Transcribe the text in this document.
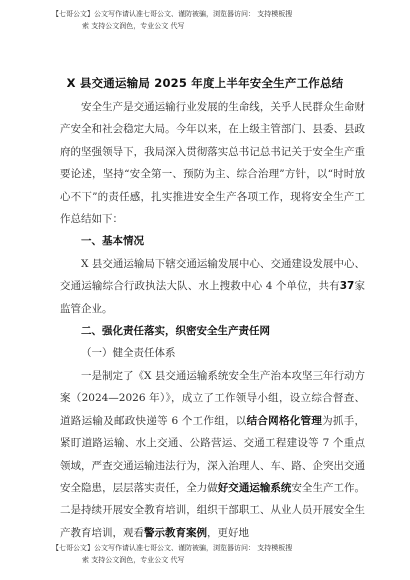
【七哥公文】公文写作请认准七哥公文、谨防被骗，浏览器访问： 支持模板搜
索 支持公文润色，专业公文 代写
X 县交通运输局 2025 年度上半年安全生产工作总结

安全生产是交通运输行业发展的生命线，关乎人民群众生命财产安全和社会稳定大局。今年以来，在上级主管部门、县委、县政府的坚强领导下，我局深入贯彻落实总书记总书记关于安全生产重要论述，坚持“安全第一、预防为主、综合治理”方针，以“时时放心不下”的责任感，扎实推进安全生产各项工作，现将安全生产工作总结如下：

一、基本情况

X 县交通运输局下辖交通运输发展中心、交通建设发展中心、交通运输综合行政执法大队、水上搜救中心 4 个单位，共有37家监管企业。

二、强化责任落实，织密安全生产责任网

（一）健全责任体系

一是制定了《X 县交通运输系统安全生产治本攻坚三年行动方案（2024—2026 年）》，成立了工作领导小组，设立综合督查、道路运输及邮政快递等 6 个工作组，以结合网格化管理为抓手，紧盯道路运输、水上交通、公路营运、交通工程建设等 7 个重点领域，严查交通运输违法行为，深入治理人、车、路、企突出交通安全隐患，层层落实责任，全力做好交通运输系统安全生产工作。二是持续开展安全教育培训，组织干部职工、从业人员开展安全生产教育培训，观看警示教育案例，更好地

【七哥公文】公文写作请认准七哥公文、谨防被骗，浏览器访问： 支持模板搜
索 支持公文润色，专业公文 代写
